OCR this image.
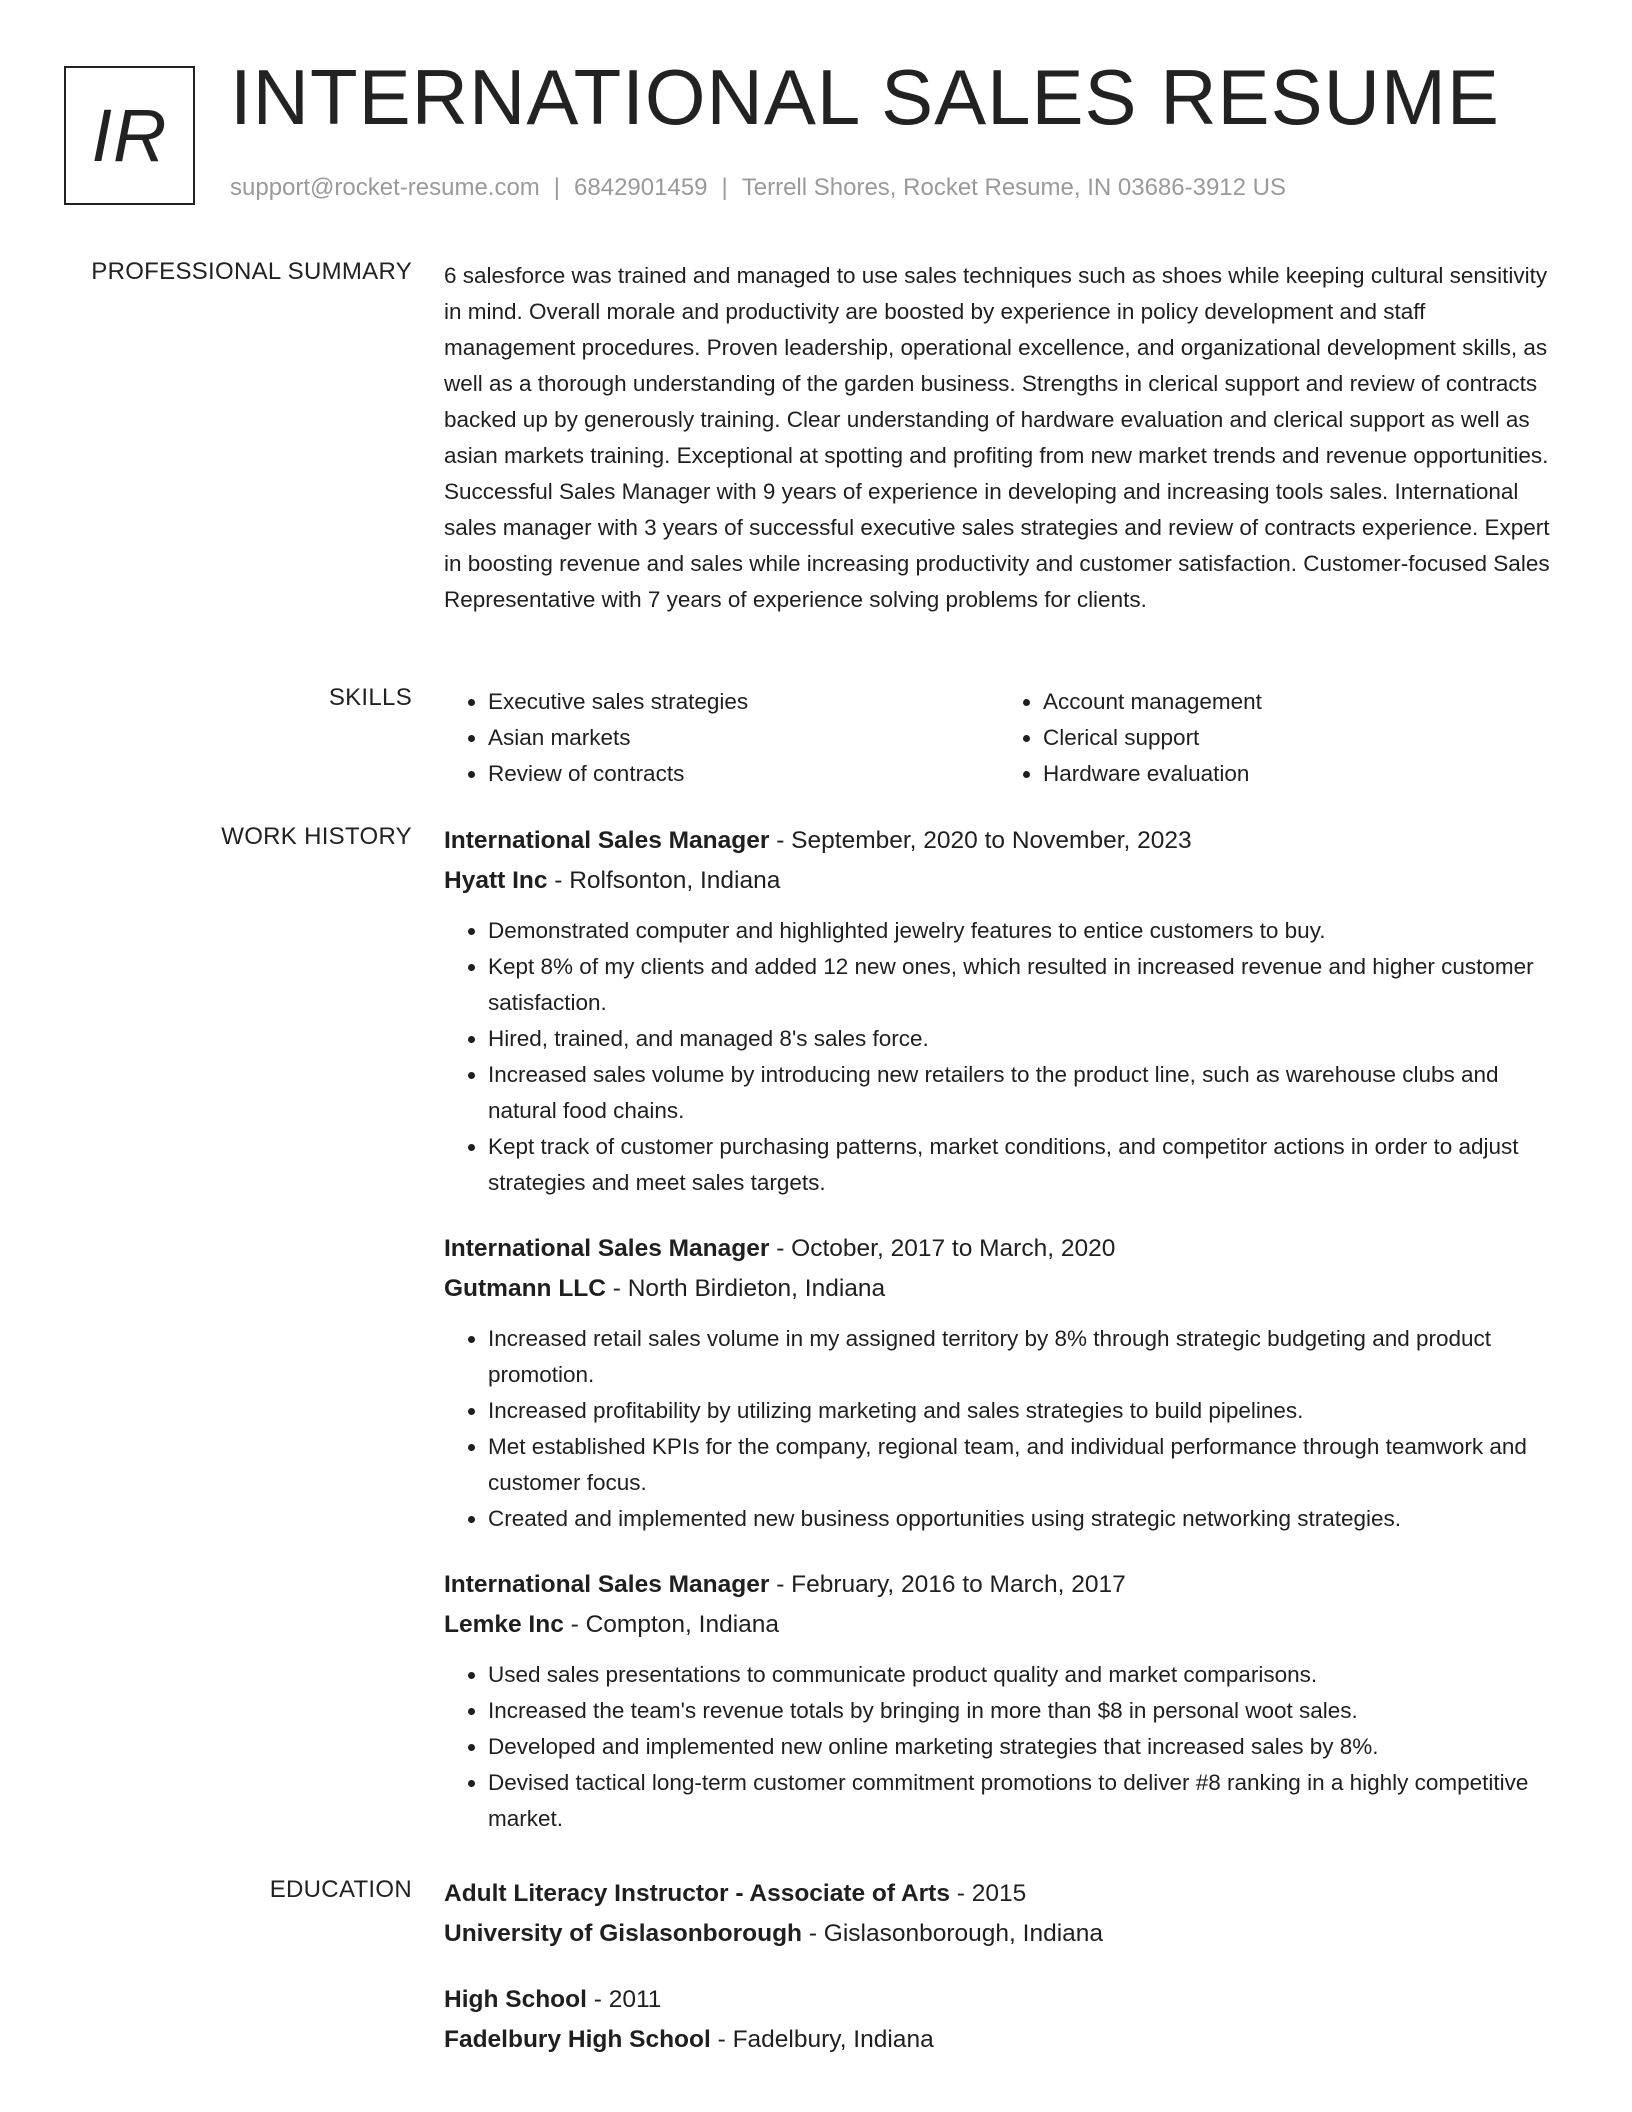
IR INTERNATIONAL SALES RESUME
support@rocket-resume.com | 6842901459 | Terrell Shores, Rocket Resume, IN 03686-3912 US
PROFESSIONAL SUMMARY 6 salesforce was trained and managed to use sales techniques such as shoes while keeping cultural sensitivity in mind. Overall morale and productivity are boosted by experience in policy development and staff management procedures. Proven leadership, operational excellence, and organizational development skills, as well as a thorough understanding of the garden business. Strengths in clerical support and review of contracts backed up by generously training. Clear understanding of hardware evaluation and clerical support as well as asian markets training. Exceptional at spotting and profiting from new market trends and revenue opportunities. Successful Sales Manager with 9 years of experience in developing and increasing tools sales. International sales manager with 3 years of successful executive sales strategies and review of contracts experience. Expert in boosting revenue and sales while increasing productivity and customer satisfaction. Customer-focused Sales Representative with 7 years of experience solving problems for clients.

SKILLS
•	Executive sales strategies
• Asian markets
• Review of contracts
• Account management
• Clerical support
• Hardware evaluation
WORK HISTORY International Sales Manager - September, 2020 to November, 2023

Hyatt Inc - Rolfsonton, Indiana

• Demonstrated computer and highlighted jewelry features to entice customers to buy.
• Kept 8% of my clients and added 12 new ones, which resulted in increased revenue and higher customer satisfaction.
• Hired, trained, and managed 8's sales force.
• Increased sales volume by introducing new retailers to the product line, such as warehouse clubs and natural food chains.
• Kept track of customer purchasing patterns, market conditions, and competitor actions in order to adjust strategies and meet sales targets.

International Sales Manager - October, 2017 to March, 2020

Gutmann LLC - North Birdieton, Indiana

• Increased retail sales volume in my assigned territory by 8% through strategic budgeting and product promotion.
• Increased profitability by utilizing marketing and sales strategies to build pipelines.
• Met established KPIs for the company, regional team, and individual performance through teamwork and customer focus.
• Created and implemented new business opportunities using strategic networking strategies.

International Sales Manager - February, 2016 to March, 2017

Lemke Inc - Compton, Indiana

• Used sales presentations to communicate product quality and market comparisons.
• Increased the team's revenue totals by bringing in more than $8 in personal woot sales.
• Developed and implemented new online marketing strategies that increased sales by 8%.
• Devised tactical long-term customer commitment promotions to deliver #8 ranking in a highly competitive market.
EDUCATION Adult Literacy Instructor - Associate of Arts - 2015

University of Gislasonborough - Gislasonborough, Indiana

High School - 2011

Fadelbury High School - Fadelbury, Indiana
